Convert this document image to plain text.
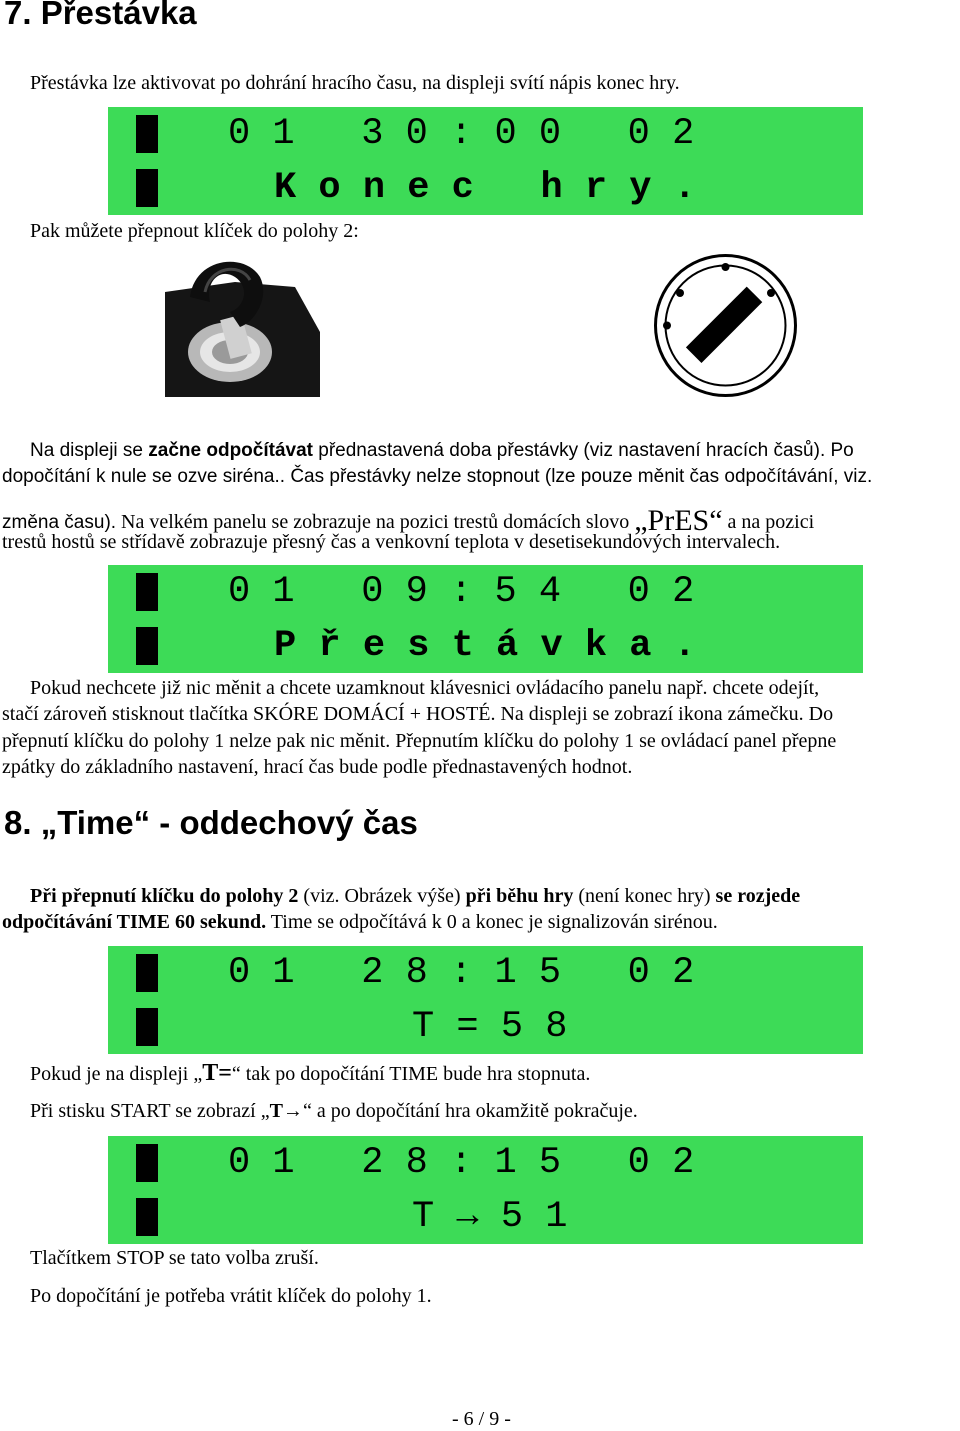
7. Přestávka
Přestávka lze aktivovat po dohrání hracího času, na displeji svítí nápis konec hry.
0 1   3 0 : 0 0   0 2
K o n e c   h r y .
Pak můžete přepnout klíček do polohy 2:
Na displeji se začne odpočítávat přednastavená doba přestávky (viz nastavení hracích časů). Po
dopočítání k nule se ozve siréna.. Čas přestávky nelze stopnout (lze pouze měnit čas odpočítávání, viz.
změna času). Na velkém panelu se zobrazuje na pozici trestů domácích slovo „PrES“ a na pozici
trestů hostů se střídavě zobrazuje přesný čas a venkovní teplota v desetisekundových intervalech.
0 1   0 9 : 5 4   0 2
P ř e s t á v k a .
Pokud nechcete již nic měnit a chcete uzamknout klávesnici ovládacího panelu např. chcete odejít,
stačí zároveň stisknout tlačítka SKÓRE DOMÁCÍ + HOSTÉ. Na displeji se zobrazí ikona zámečku. Do
přepnutí klíčku do polohy 1 nelze pak nic měnit. Přepnutím klíčku do polohy 1 se ovládací panel přepne
zpátky do základního nastavení, hrací čas bude podle přednastavených hodnot.
8. „Time“ - oddechový čas
Při přepnutí klíčku do polohy 2 (viz. Obrázek výše) při běhu hry (není konec hry) se rozjede
odpočítávání TIME 60 sekund. Time se odpočítává k 0 a konec je signalizován sirénou.
0 1   2 8 : 1 5   0 2
T = 5 8
Pokud je na displeji „T=“ tak po dopočítání TIME bude hra stopnuta.
Při stisku START se zobrazí „T→“ a po dopočítání hra okamžitě pokračuje.
0 1   2 8 : 1 5   0 2
T → 5 1
Tlačítkem STOP se tato volba zruší.
Po dopočítání je potřeba vrátit klíček do polohy 1.
- 6 / 9 -
